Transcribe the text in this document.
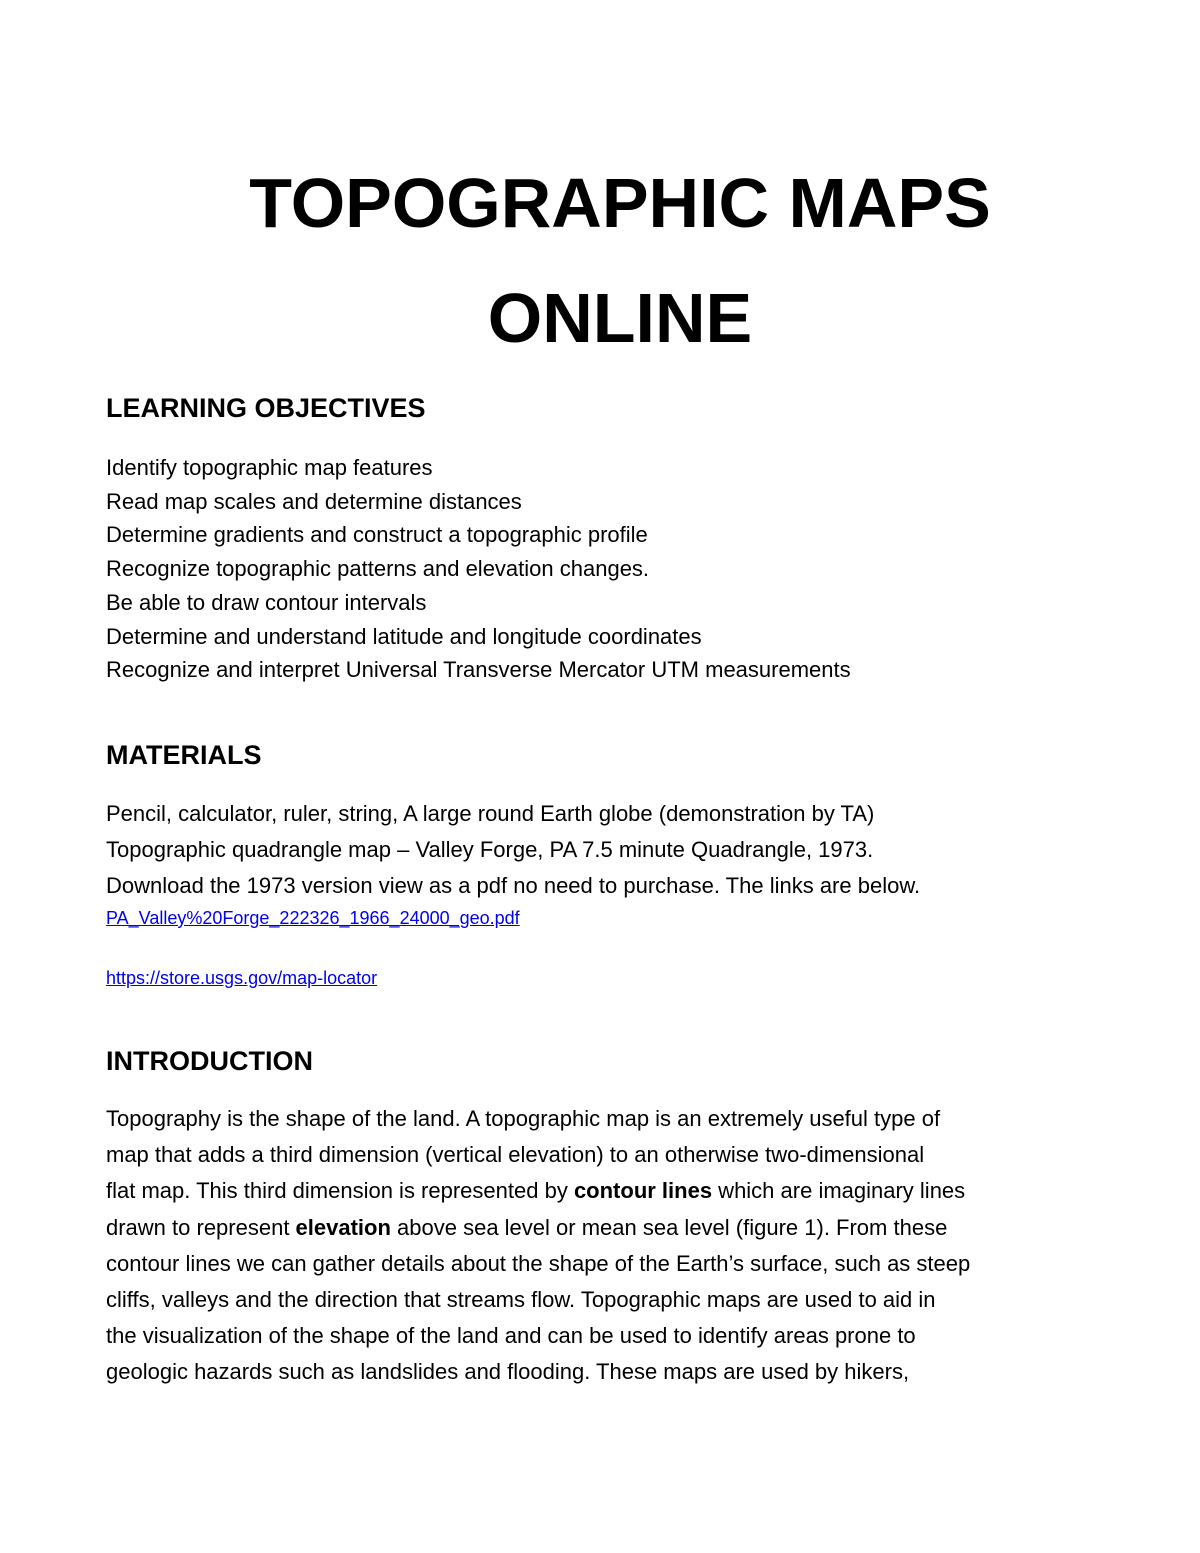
TOPOGRAPHIC MAPS
ONLINE
LEARNING OBJECTIVES
Identify topographic map features
Read map scales and determine distances
Determine gradients and construct a topographic profile
Recognize topographic patterns and elevation changes.
Be able to draw contour intervals
Determine and understand latitude and longitude coordinates
Recognize and interpret Universal Transverse Mercator UTM measurements
MATERIALS
Pencil, calculator, ruler, string, A large round Earth globe (demonstration by TA)
Topographic quadrangle map – Valley Forge, PA 7.5 minute Quadrangle, 1973.
Download the 1973 version view as a pdf no need to purchase. The links are below.
PA_Valley%20Forge_222326_1966_24000_geo.pdf
https://store.usgs.gov/map-locator
INTRODUCTION
Topography is the shape of the land. A topographic map is an extremely useful type of
map that adds a third dimension (vertical elevation) to an otherwise two-dimensional
flat map. This third dimension is represented by contour lines which are imaginary lines
drawn to represent elevation above sea level or mean sea level (figure 1). From these
contour lines we can gather details about the shape of the Earth’s surface, such as steep
cliffs, valleys and the direction that streams flow. Topographic maps are used to aid in
the visualization of the shape of the land and can be used to identify areas prone to
geologic hazards such as landslides and flooding. These maps are used by hikers,
